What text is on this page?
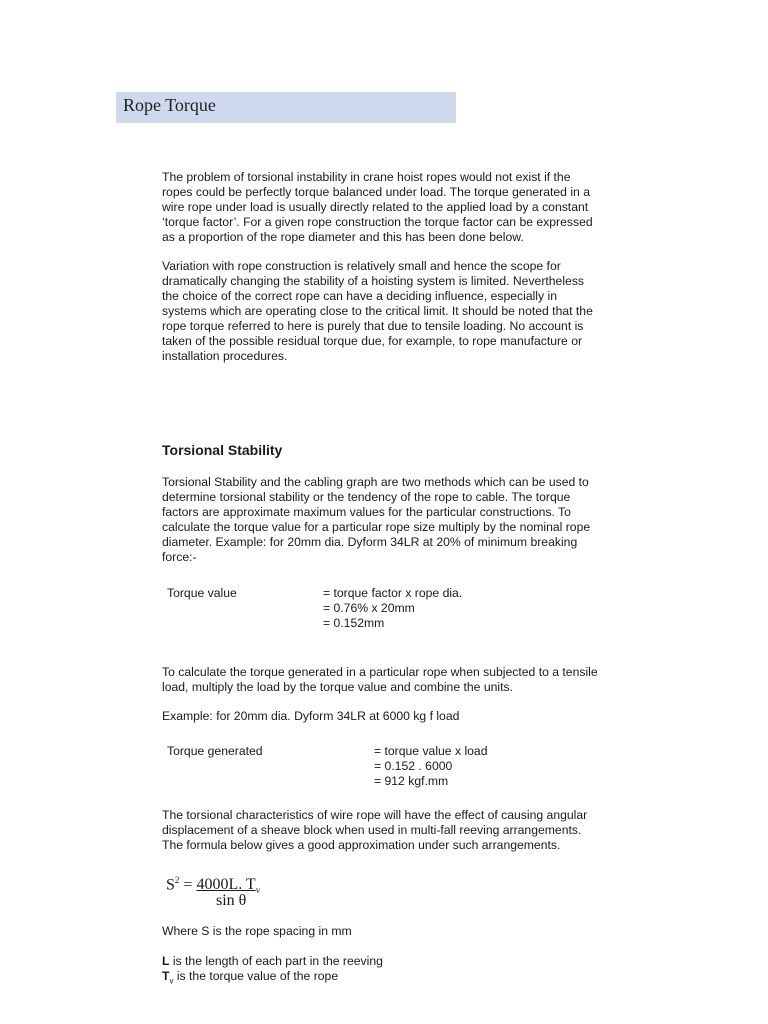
Rope Torque
The problem of torsional instability in crane hoist ropes would not exist if the
ropes could be perfectly torque balanced under load. The torque generated in a
wire rope under load is usually directly related to the applied load by a constant
‘torque factor’. For a given rope construction the torque factor can be expressed
as a proportion of the rope diameter and this has been done below.
Variation with rope construction is relatively small and hence the scope for
dramatically changing the stability of a hoisting system is limited. Nevertheless
the choice of the correct rope can have a deciding influence, especially in
systems which are operating close to the critical limit. It should be noted that the
rope torque referred to here is purely that due to tensile loading. No account is
taken of the possible residual torque due, for example, to rope manufacture or
installation procedures.
Torsional Stability
Torsional Stability and the cabling graph are two methods which can be used to
determine torsional stability or the tendency of the rope to cable. The torque
factors are approximate maximum values for the particular constructions. To
calculate the torque value for a particular rope size multiply by the nominal rope
diameter. Example: for 20mm dia. Dyform 34LR at 20% of minimum breaking
force:-
Torque value	= torque factor x rope dia.
= 0.76% x 20mm
= 0.152mm
To calculate the torque generated in a particular rope when subjected to a tensile
load, multiply the load by the torque value and combine the units.
Example: for 20mm dia. Dyform 34LR at 6000 kg f load
Torque generated	= torque value x load
= 0.152 . 6000
= 912 kgf.mm
The torsional characteristics of wire rope will have the effect of causing angular
displacement of a sheave block when used in multi-fall reeving arrangements.
The formula below gives a good approximation under such arrangements.
$S^2 = 4000L$. $T_v$
sin θ
Where S is the rope spacing in mm
L is the length of each part in the reeving
$T_v$ is the torque value of the rope
